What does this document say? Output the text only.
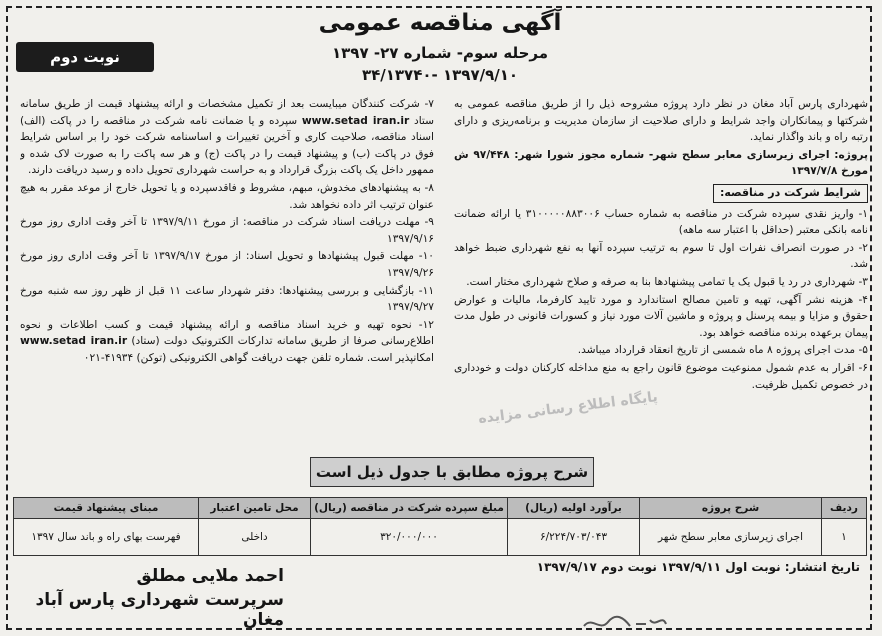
آگهی مناقصه عمومی
مرحله سوم- شماره ۲۷- ۱۳۹۷
۱۳۹۷/۹/۱۰ -۳۴/۱۳۷۴۰
نوبت دوم

شهرداری پارس آباد مغان در نظر دارد پروژه مشروحه ذیل را از طریق مناقصه عمومی به شرکتها و پیمانکاران واجد شرایط و دارای صلاحیت از سازمان مدیریت و برنامه‌ریزی و دارای رتبه راه و باند واگذار نماید.

پروژه: اجرای زیرسازی معابر سطح شهر- شماره مجوز شورا شهر: ۹۷/۴۴۸ ش مورخ ۱۳۹۷/۷/۸

شرایط شرکت در مناقصه:

۱- واریز نقدی سپرده شرکت در مناقصه به شماره حساب ۳۱۰۰۰۰۰۸۸۳۰۰۶ یا ارائه ضمانت نامه بانکی معتبر (حداقل با اعتبار سه ماهه)

۲- در صورت انصراف نفرات اول تا سوم به ترتیب سپرده آنها به نفع شهرداری ضبط خواهد شد.

۳- شهرداری در رد یا قبول یک یا تمامی پیشنهادها بنا به صرفه و صلاح شهرداری مختار است.

۴- هزینه نشر آگهی، تهیه و تامین مصالح استاندارد و مورد تایید کارفرما، مالیات و عوارض حقوق و مزایا و بیمه پرسنل و پروژه و ماشین آلات مورد نیاز و کسورات قانونی در طول مدت پیمان برعهده برنده مناقصه خواهد بود.

۵- مدت اجرای پروژه ۸ ماه شمسی از تاریخ انعقاد قرارداد میباشد.

۶- اقرار به عدم شمول ممنوعیت موضوع قانون راجع به منع مداخله کارکنان دولت و خودداری در خصوص تکمیل ظرفیت.

۷- شرکت کنندگان میبایست بعد از تکمیل مشخصات و ارائه پیشنهاد قیمت از طریق سامانه ستاد www.setad iran.ir سپرده و یا ضمانت نامه شرکت در مناقصه را در پاکت (الف) اسناد مناقصه، صلاحیت کاری و آخرین تغییرات و اساسنامه شرکت خود را بر اساس شرایط فوق در پاکت (ب) و پیشنهاد قیمت را در پاکت (ج) و هر سه پاکت را به صورت لاک شده و ممهور داخل یک پاکت بزرگ قرارداد و به حراست شهرداری تحویل داده و رسید دریافت دارند.

۸- به پیشنهادهای مخدوش، مبهم، مشروط و فاقدسپرده و یا تحویل خارج از موعد مقرر به هیچ عنوان ترتیب اثر داده نخواهد شد.

۹- مهلت دریافت اسناد شرکت در مناقصه: از مورخ ۱۳۹۷/۹/۱۱ تا آخر وقت اداری روز مورخ ۱۳۹۷/۹/۱۶

۱۰- مهلت قبول پیشنهادها و تحویل اسناد: از مورخ ۱۳۹۷/۹/۱۷ تا آخر وقت اداری روز مورخ ۱۳۹۷/۹/۲۶

۱۱- بازگشایی و بررسی پیشنهادها: دفتر شهردار ساعت ۱۱ قبل از ظهر روز سه شنبه مورخ ۱۳۹۷/۹/۲۷

۱۲- نحوه تهیه و خرید اسناد مناقصه و ارائه پیشنهاد قیمت و کسب اطلاعات و نحوه اطلاع‌رسانی صرفا از طریق سامانه تدارکات الکترونیک دولت (ستاد) www.setad iran.ir امکانپذیر است. شماره تلفن جهت دریافت گواهی الکترونیکی (توکن) ۴۱۹۳۴-۰۲۱

پایگاه اطلاع رسانی مزایده
شرح پروژه مطابق با جدول ذیل است
ردیف	شرح پروژه	برآورد اولیه (ریال)	مبلغ سپرده شرکت در مناقصه (ریال)	محل تامین اعتبار	مبنای پیشنهاد قیمت
۱	اجرای زیرسازی معابر سطح شهر	۶/۲۲۴/۷۰۳/۰۴۳	۳۲۰/۰۰۰/۰۰۰	داخلی	فهرست بهای راه و باند سال ۱۳۹۷
تاریخ انتشار: نوبت اول ۱۳۹۷/۹/۱۱ نوبت دوم ۱۳۹۷/۹/۱۷
احمد ملایی مطلق
سرپرست شهرداری پارس آباد مغان
